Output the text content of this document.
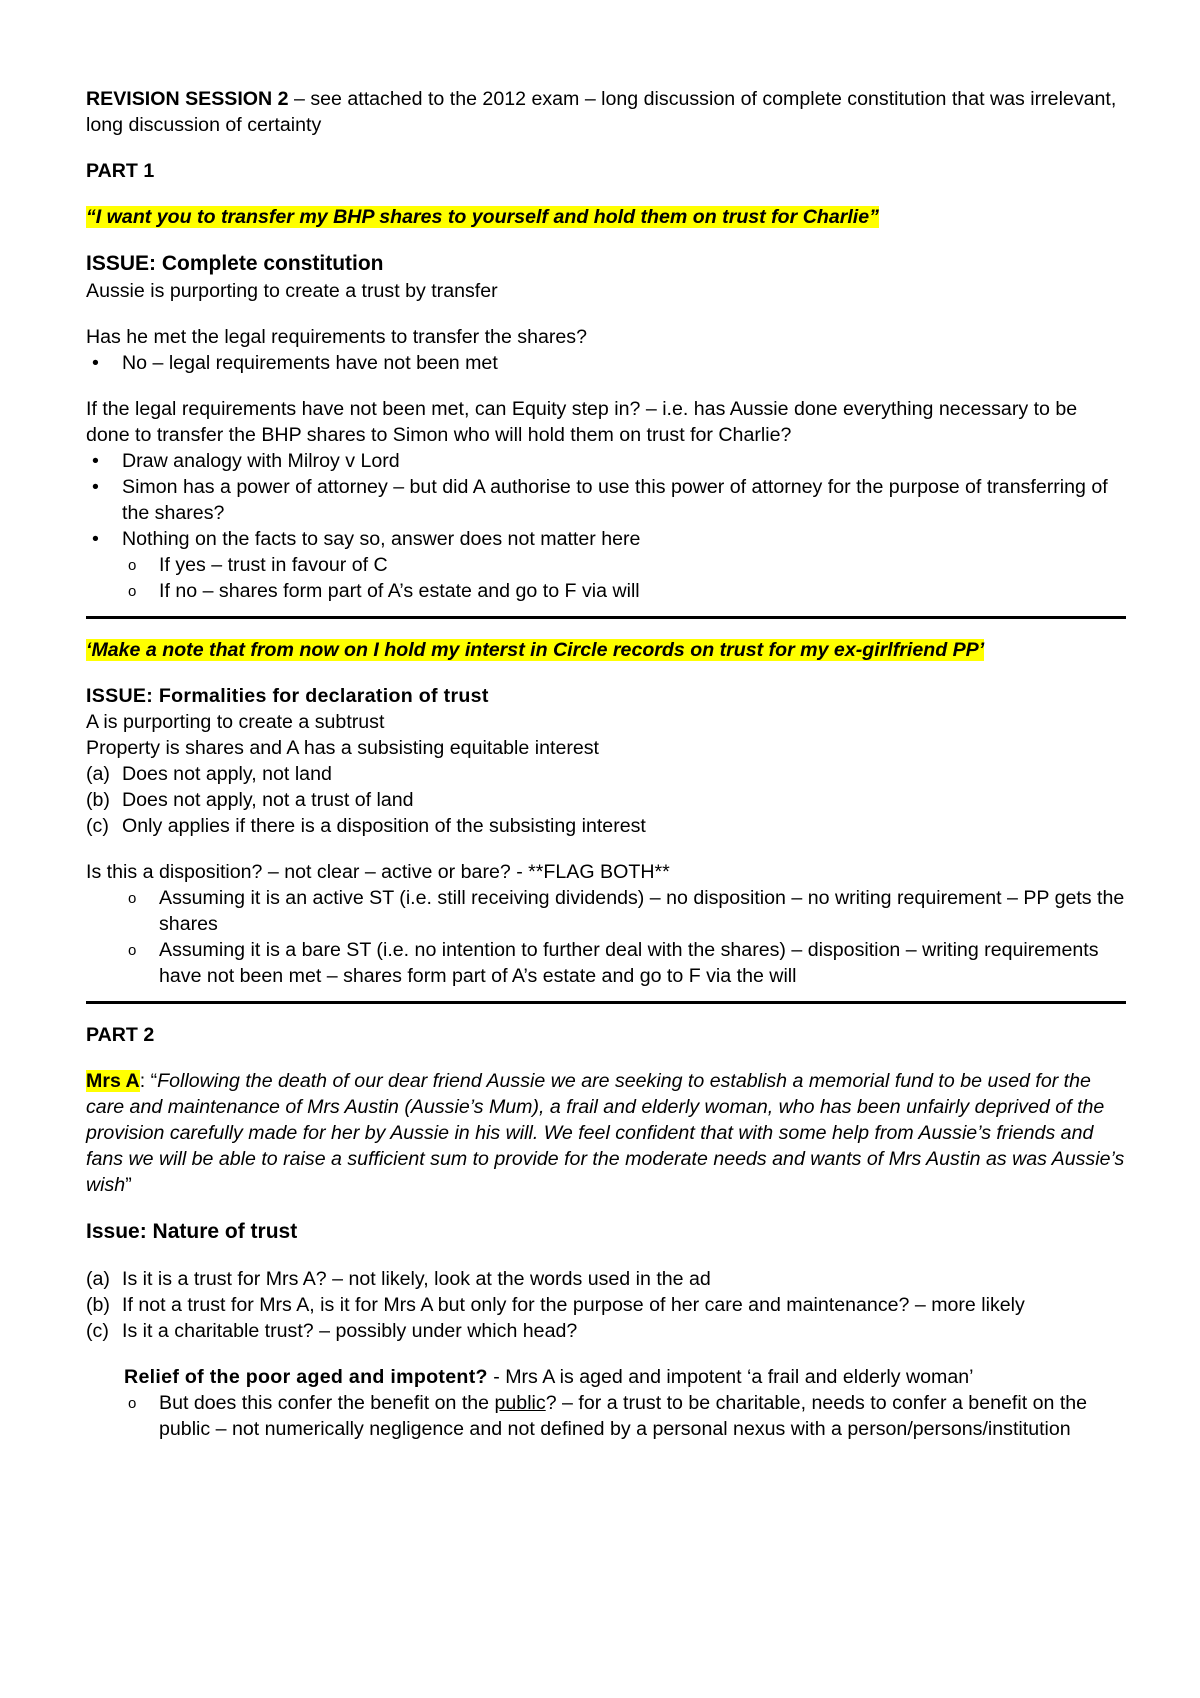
REVISION SESSION 2 – see attached to the 2012 exam – long discussion of complete constitution that was irrelevant, long discussion of certainty

PART 1

“I want you to transfer my BHP shares to yourself and hold them on trust for Charlie”

ISSUE: Complete constitution

Aussie is purporting to create a trust by transfer

Has he met the legal requirements to transfer the shares?

• No – legal requirements have not been met

If the legal requirements have not been met, can Equity step in? – i.e. has Aussie done everything necessary to be done to transfer the BHP shares to Simon who will hold them on trust for Charlie?

• Draw analogy with Milroy v Lord
• Simon has a power of attorney – but did A authorise to use this power of attorney for the purpose of transferring of the shares?
• Nothing on the facts to say so, answer does not matter here
o If yes – trust in favour of C
o If no – shares form part of A’s estate and go to F via will

‘Make a note that from now on I hold my interst in Circle records on trust for my ex-girlfriend PP’

ISSUE: Formalities for declaration of trust

A is purporting to create a subtrust

Property is shares and A has a subsisting equitable interest

(a) Does not apply, not land
(b) Does not apply, not a trust of land
(c) Only applies if there is a disposition of the subsisting interest

Is this a disposition? – not clear – active or bare? - **FLAG BOTH**

o Assuming it is an active ST (i.e. still receiving dividends) – no disposition – no writing requirement – PP gets the shares
o Assuming it is a bare ST (i.e. no intention to further deal with the shares) – disposition – writing requirements have not been met – shares form part of A’s estate and go to F via the will

PART 2

Mrs A: “Following the death of our dear friend Aussie we are seeking to establish a memorial fund to be used for the care and maintenance of Mrs Austin (Aussie’s Mum), a frail and elderly woman, who has been unfairly deprived of the provision carefully made for her by Aussie in his will. We feel confident that with some help from Aussie’s friends and fans we will be able to raise a sufficient sum to provide for the moderate needs and wants of Mrs Austin as was Aussie’s wish”

Issue: Nature of trust

(a) Is it is a trust for Mrs A? – not likely, look at the words used in the ad
(b) If not a trust for Mrs A, is it for Mrs A but only for the purpose of her care and maintenance? – more likely
(c) Is it a charitable trust? – possibly under which head?

Relief of the poor aged and impotent? - Mrs A is aged and impotent ‘a frail and elderly woman’

o But does this confer the benefit on the public? – for a trust to be charitable, needs to confer a benefit on the public – not numerically negligence and not defined by a personal nexus with a person/persons/institution
